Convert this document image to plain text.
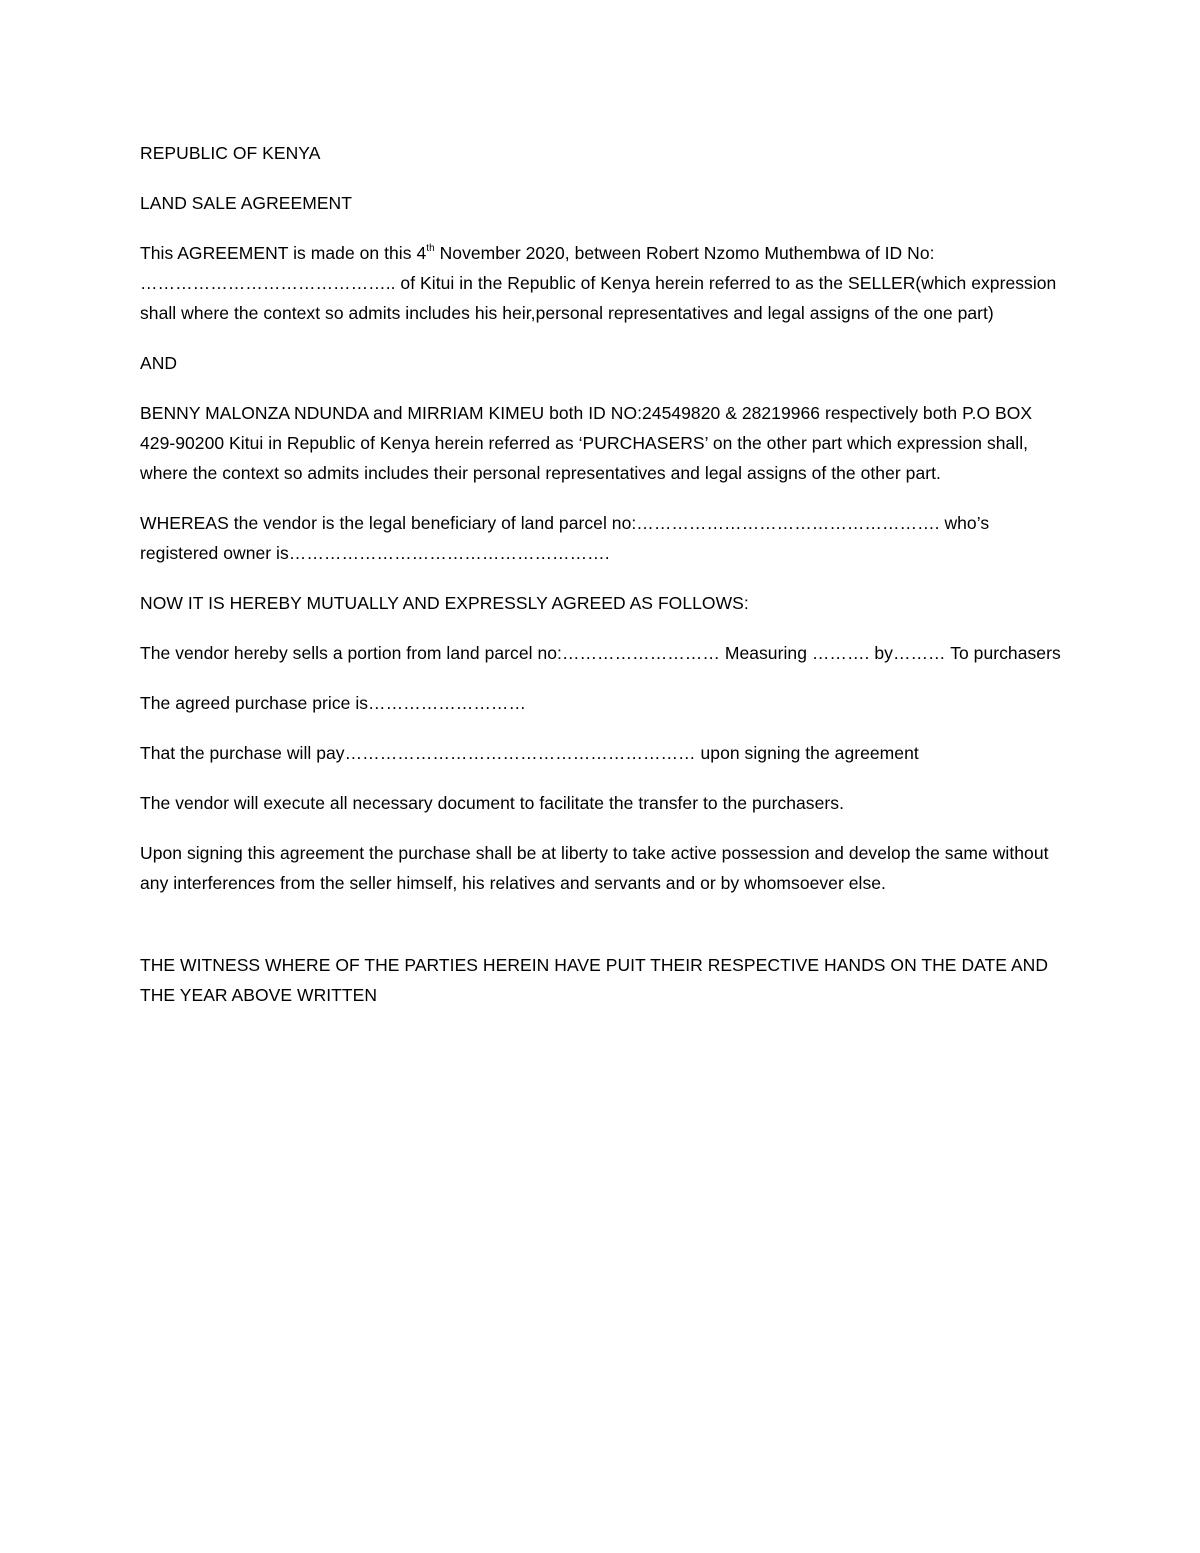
REPUBLIC OF KENYA

LAND SALE AGREEMENT

This AGREEMENT is made on this 4th November 2020, between Robert Nzomo Muthembwa of ID No: …………………………………….. of Kitui in the Republic of Kenya herein referred to as the SELLER(which expression shall where the context so admits includes his heir,personal representatives and legal assigns of the one part)

AND

BENNY MALONZA NDUNDA and MIRRIAM KIMEU both ID NO:24549820 & 28219966 respectively both P.O BOX 429-90200 Kitui in Republic of Kenya herein referred as ‘PURCHASERS’ on the other part which expression shall, where the context so admits includes their personal representatives and legal assigns of the other part.

WHEREAS the vendor is the legal beneficiary of land parcel no:……………………………………………. who’s registered owner is……………………………………………….

NOW IT IS HEREBY MUTUALLY AND EXPRESSLY AGREED AS FOLLOWS:

The vendor hereby sells a portion from land parcel no:……………………… Measuring ………. by……… To purchasers

The agreed purchase price is………………………

That the purchase will pay…………………………………………………… upon signing the agreement

The vendor will execute all necessary document to facilitate the transfer to the purchasers.

Upon signing this agreement the purchase shall be at liberty to take active possession and develop the same without any interferences from the seller himself, his relatives and servants and or by whomsoever else.

THE WITNESS WHERE OF THE PARTIES HEREIN HAVE PUIT THEIR RESPECTIVE HANDS ON THE DATE AND THE YEAR ABOVE WRITTEN
